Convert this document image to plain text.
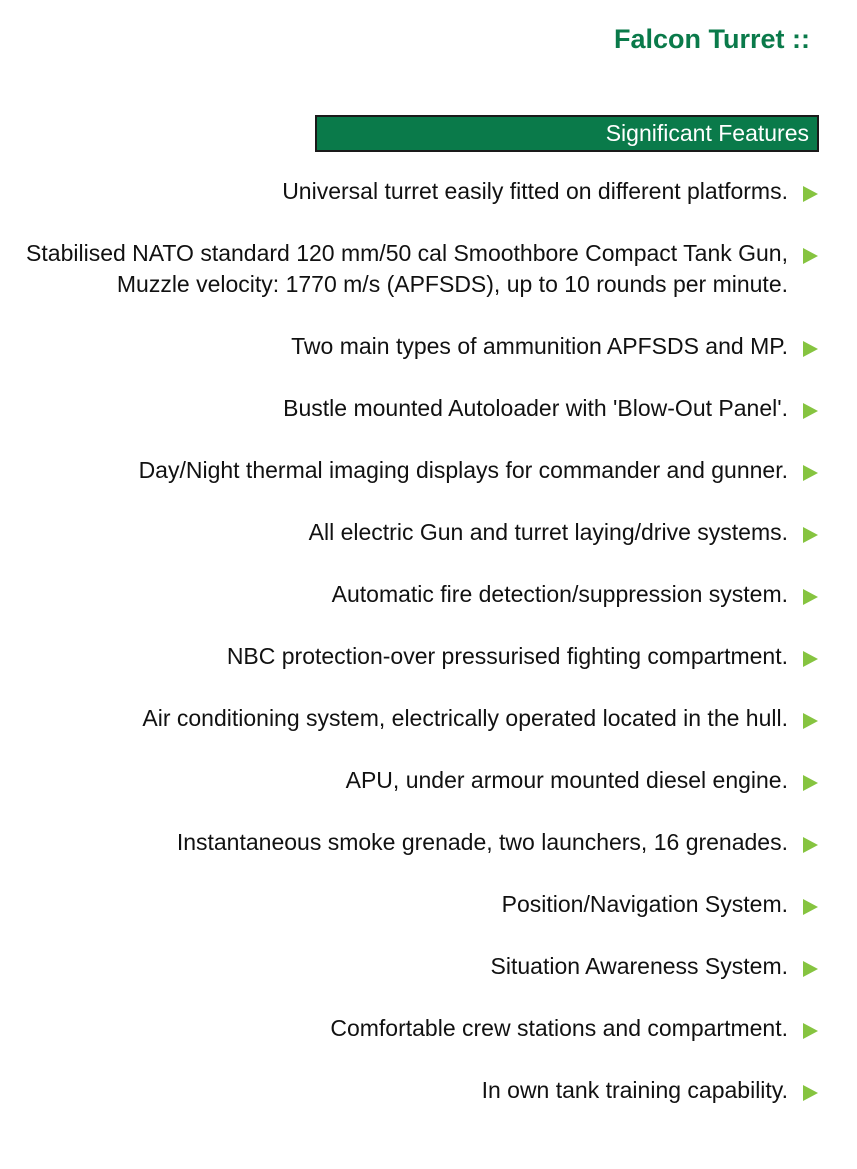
Falcon Turret ::
Significant Features
Universal turret easily fitted on different platforms.
Stabilised NATO standard 120 mm/50 cal Smoothbore Compact Tank Gun, Muzzle velocity: 1770 m/s (APFSDS), up to 10 rounds per minute.
Two main types of ammunition APFSDS and MP.
Bustle mounted Autoloader with 'Blow-Out Panel'.
Day/Night thermal imaging displays for commander and gunner.
All electric Gun and turret laying/drive systems.
Automatic fire detection/suppression system.
NBC protection-over pressurised fighting compartment.
Air conditioning system, electrically operated located in the hull.
APU, under armour mounted diesel engine.
Instantaneous smoke grenade, two launchers, 16 grenades.
Position/Navigation System.
Situation Awareness System.
Comfortable crew stations and compartment.
In own tank training capability.
